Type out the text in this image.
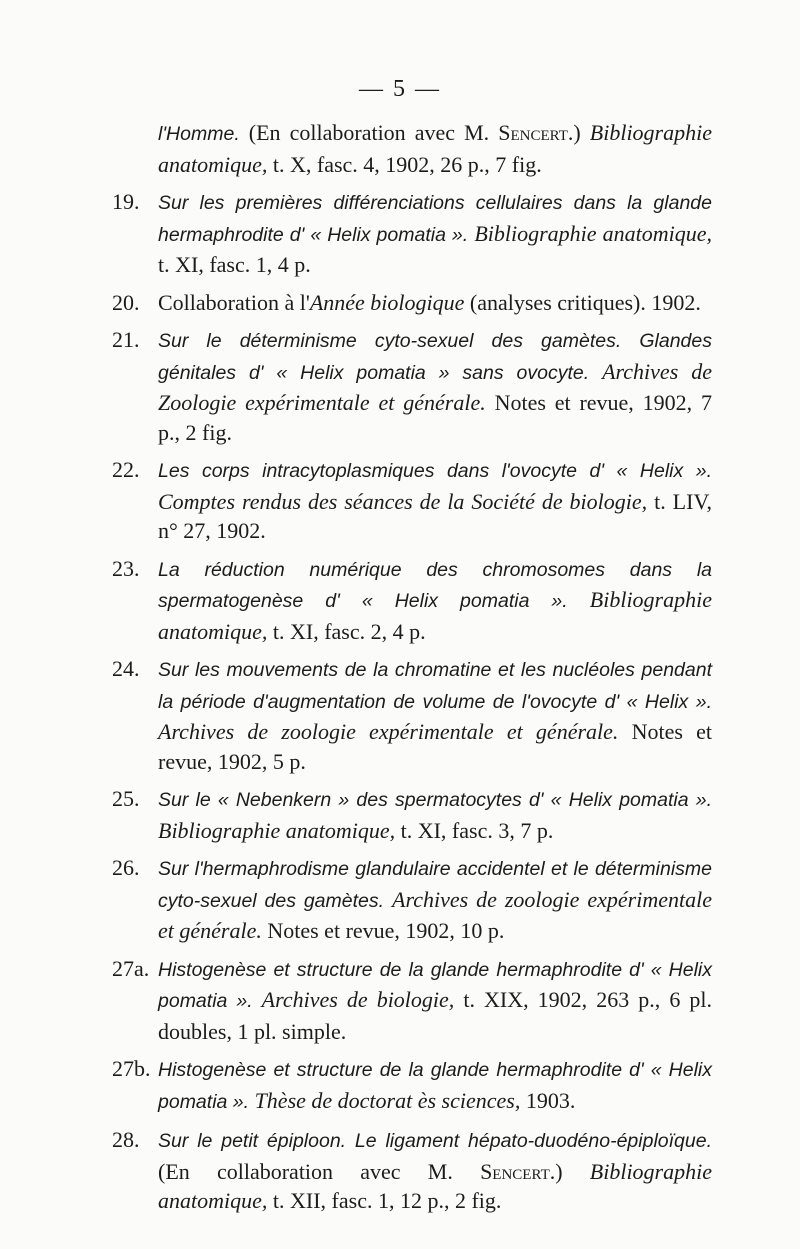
— 5 —
l'Homme. (En collaboration avec M. Sencert.) Bibliographie anatomique, t. X, fasc. 4, 1902, 26 p., 7 fig.
19. Sur les premières différenciations cellulaires dans la glande hermaphrodite d' « Helix pomatia ». Bibliographie anatomique, t. XI, fasc. 1, 4 p.
20. Collaboration à l'Année biologique (analyses critiques). 1902.
21. Sur le déterminisme cyto-sexuel des gamètes. Glandes génitales d' « Helix pomatia » sans ovocyte. Archives de Zoologie expérimentale et générale. Notes et revue, 1902, 7 p., 2 fig.
22. Les corps intracytoplasmiques dans l'ovocyte d' « Helix ». Comptes rendus des séances de la Société de biologie, t. LIV, n° 27, 1902.
23. La réduction numérique des chromosomes dans la spermatogenèse d' « Helix pomatia ». Bibliographie anatomique, t. XI, fasc. 2, 4 p.
24. Sur les mouvements de la chromatine et les nucléoles pendant la période d'augmentation de volume de l'ovocyte d' « Helix ». Archives de zoologie expérimentale et générale. Notes et revue, 1902, 5 p.
25. Sur le « Nebenkern » des spermatocytes d' « Helix pomatia ». Bibliographie anatomique, t. XI, fasc. 3, 7 p.
26. Sur l'hermaphrodisme glandulaire accidentel et le déterminisme cyto-sexuel des gamètes. Archives de zoologie expérimentale et générale. Notes et revue, 1902, 10 p.
27a. Histogenèse et structure de la glande hermaphrodite d' « Helix pomatia ». Archives de biologie, t. XIX, 1902, 263 p., 6 pl. doubles, 1 pl. simple.
27b. Histogenèse et structure de la glande hermaphrodite d' « Helix pomatia ». Thèse de doctorat ès sciences, 1903.
28. Sur le petit épiploon. Le ligament hépato-duodéno-épiploïque. (En collaboration avec M. Sencert.) Bibliographie anatomique, t. XII, fasc. 1, 12 p., 2 fig.
